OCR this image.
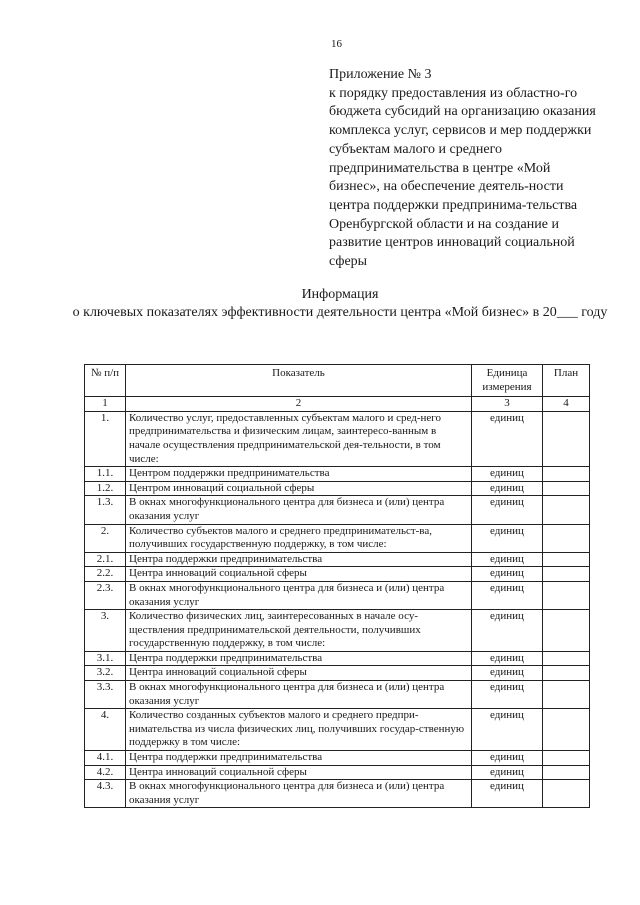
16
Приложение № 3
к порядку предоставления из областно-го бюджета субсидий на организацию оказания комплекса услуг, сервисов и мер поддержки субъектам малого и среднего предпринимательства в центре «Мой бизнес», на обеспечение деятель-ности центра поддержки предпринима-тельства Оренбургской области и на создание и развитие центров инноваций социальной сферы
Информация
о ключевых показателях эффективности деятельности центра «Мой бизнес» в 20___ году
№ п/п	Показатель	Единица измерения	План
1	2	3	4
1.	Количество услуг, предоставленных субъектам малого и сред-него предпринимательства и физическим лицам, заинтересо-ванным в начале осуществления предпринимательской дея-тельности, в том числе:	единиц	
1.1.	Центром поддержки предпринимательства	единиц	
1.2.	Центром инноваций социальной сферы	единиц	
1.3.	В окнах многофункционального центра для бизнеса и (или) центра оказания услуг	единиц	
2.	Количество субъектов малого и среднего предпринимательст-ва, получивших государственную поддержку, в том числе:	единиц	
2.1.	Центра поддержки предпринимательства	единиц	
2.2.	Центра инноваций социальной сферы	единиц	
2.3.	В окнах многофункционального центра для бизнеса и (или) центра оказания услуг	единиц	
3.	Количество физических лиц, заинтересованных в начале осу-ществления предпринимательской деятельности, получивших государственную поддержку, в том числе:	единиц	
3.1.	Центра поддержки предпринимательства	единиц	
3.2.	Центра инноваций социальной сферы	единиц	
3.3.	В окнах многофункционального центра для бизнеса и (или) центра оказания услуг	единиц	
4.	Количество созданных субъектов малого и среднего предпри-нимательства из числа физических лиц, получивших государ-ственную поддержку в том числе:	единиц	
4.1.	Центра поддержки предпринимательства	единиц	
4.2.	Центра инноваций социальной сферы	единиц	
4.3.	В окнах многофункционального центра для бизнеса и (или) центра оказания услуг	единиц	
